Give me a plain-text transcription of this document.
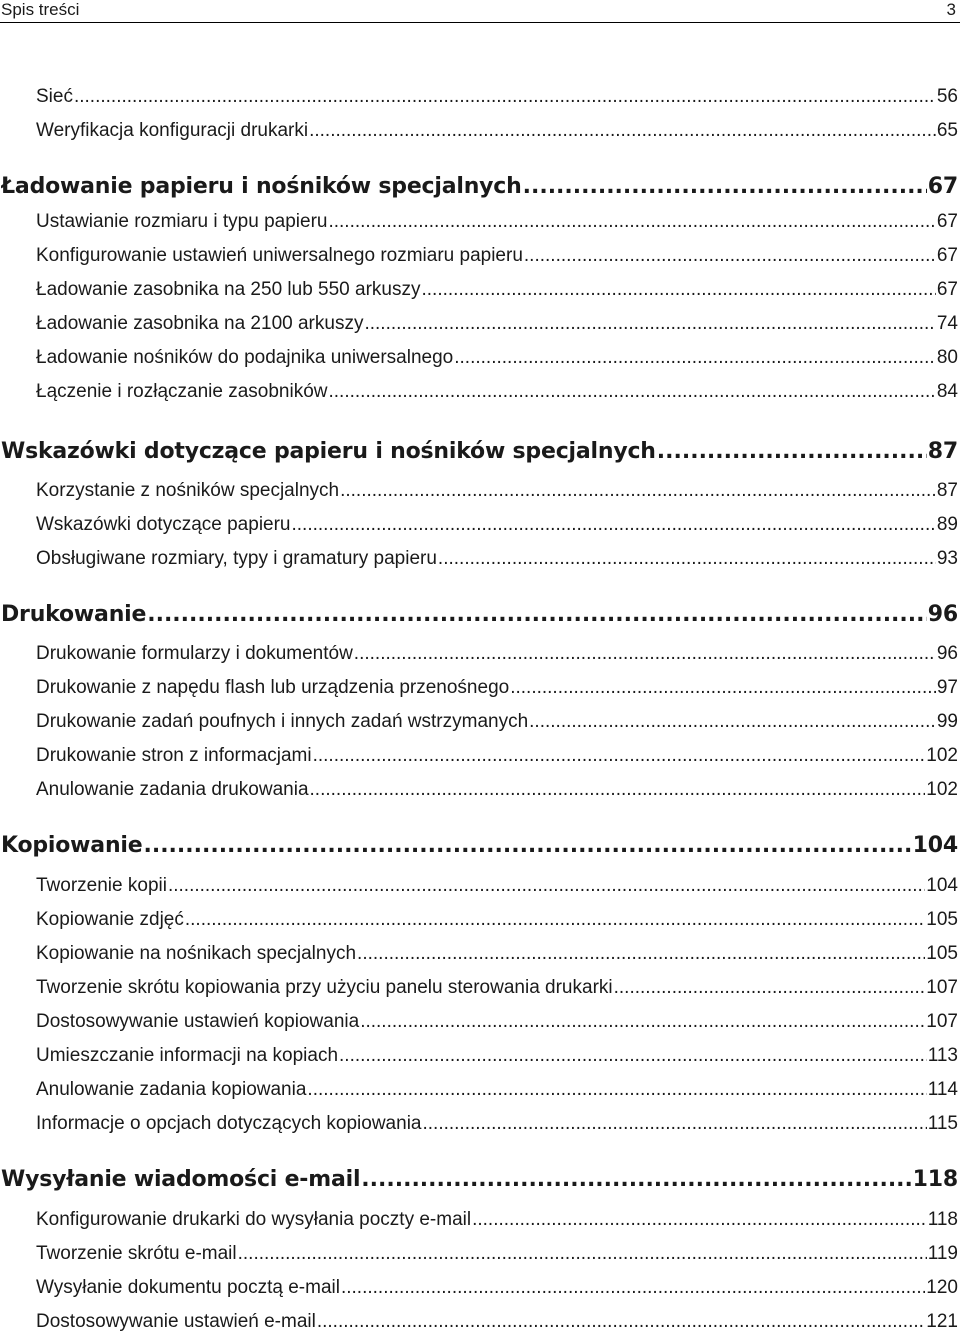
Spis treści	3
Sieć .....	56
Weryfikacja konfiguracji drukarki .....	65
Ładowanie papieru i nośników specjalnych .....	67
Ustawianie rozmiaru i typu papieru .....	67
Konfigurowanie ustawień uniwersalnego rozmiaru papieru .....	67
Ładowanie zasobnika na 250 lub 550 arkuszy .....	67
Ładowanie zasobnika na 2100 arkuszy .....	74
Ładowanie nośników do podajnika uniwersalnego .....	80
Łączenie i rozłączanie zasobników .....	84
Wskazówki dotyczące papieru i nośników specjalnych .....	87
Korzystanie z nośników specjalnych .....	87
Wskazówki dotyczące papieru .....	89
Obsługiwane rozmiary, typy i gramatury papieru .....	93
Drukowanie .....	96
Drukowanie formularzy i dokumentów .....	96
Drukowanie z napędu flash lub urządzenia przenośnego .....	97
Drukowanie zadań poufnych i innych zadań wstrzymanych .....	99
Drukowanie stron z informacjami .....	102
Anulowanie zadania drukowania .....	102
Kopiowanie .....	104
Tworzenie kopii .....	104
Kopiowanie zdjęć .....	105
Kopiowanie na nośnikach specjalnych .....	105
Tworzenie skrótu kopiowania przy użyciu panelu sterowania drukarki .....	107
Dostosowywanie ustawień kopiowania .....	107
Umieszczanie informacji na kopiach .....	113
Anulowanie zadania kopiowania .....	114
Informacje o opcjach dotyczących kopiowania .....	115
Wysyłanie wiadomości e-mail .....	118
Konfigurowanie drukarki do wysyłania poczty e-mail .....	118
Tworzenie skrótu e-mail .....	119
Wysyłanie dokumentu pocztą e-mail .....	120
Dostosowywanie ustawień e-mail .....	121
